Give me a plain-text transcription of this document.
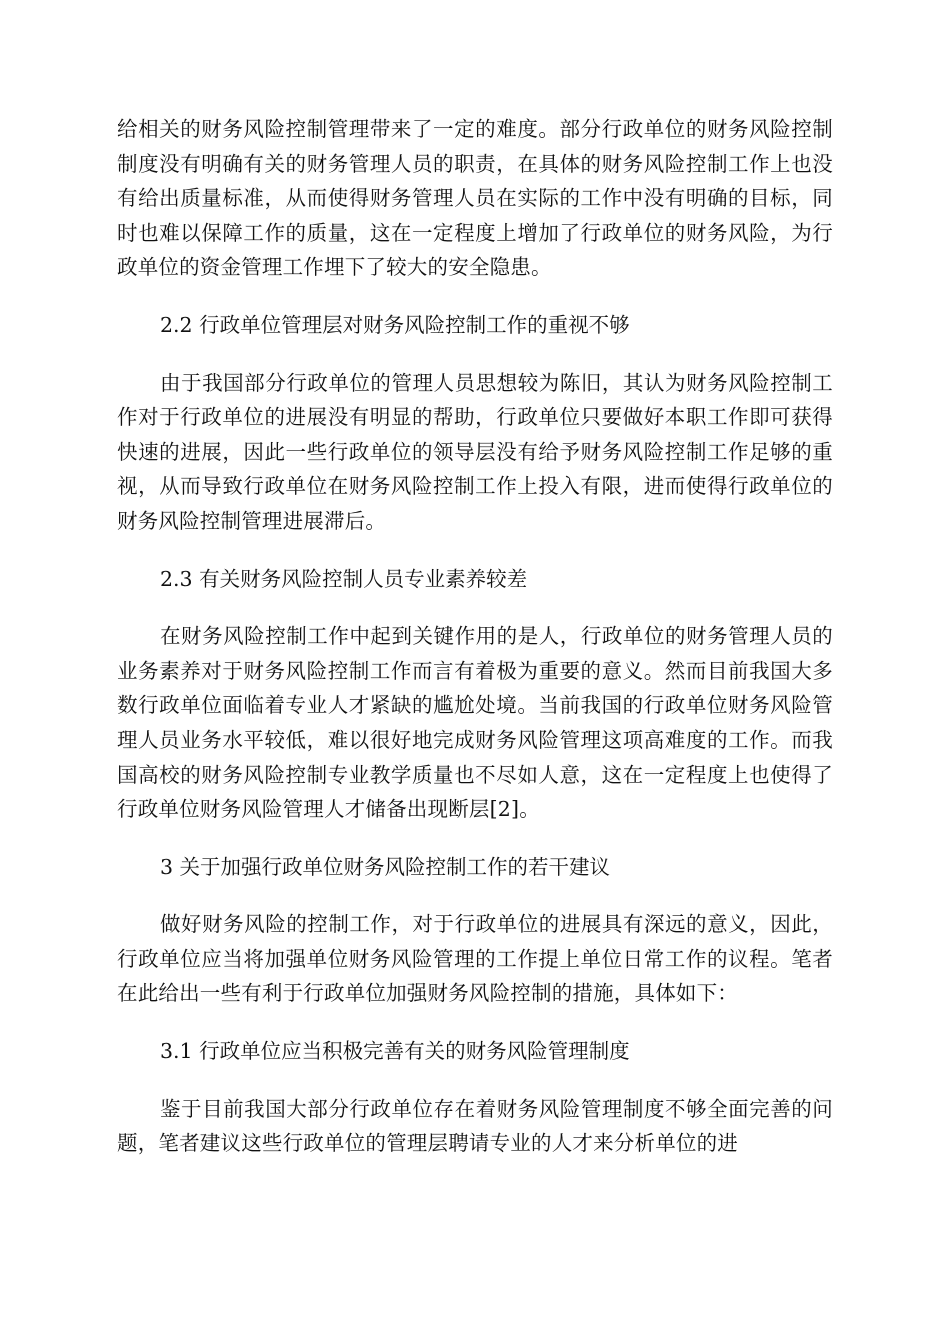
给相关的财务风险控制管理带来了一定的难度。部分行政单位的财务风险控制制度没有明确有关的财务管理人员的职责，在具体的财务风险控制工作上也没有给出质量标准，从而使得财务管理人员在实际的工作中没有明确的目标，同时也难以保障工作的质量，这在一定程度上增加了行政单位的财务风险，为行政单位的资金管理工作埋下了较大的安全隐患。

2.2 行政单位管理层对财务风险控制工作的重视不够

由于我国部分行政单位的管理人员思想较为陈旧，其认为财务风险控制工作对于行政单位的进展没有明显的帮助，行政单位只要做好本职工作即可获得快速的进展，因此一些行政单位的领导层没有给予财务风险控制工作足够的重视，从而导致行政单位在财务风险控制工作上投入有限，进而使得行政单位的财务风险控制管理进展滞后。

2.3 有关财务风险控制人员专业素养较差

在财务风险控制工作中起到关键作用的是人，行政单位的财务管理人员的业务素养对于财务风险控制工作而言有着极为重要的意义。然而目前我国大多数行政单位面临着专业人才紧缺的尴尬处境。当前我国的行政单位财务风险管理人员业务水平较低，难以很好地完成财务风险管理这项高难度的工作。而我国高校的财务风险控制专业教学质量也不尽如人意，这在一定程度上也使得了行政单位财务风险管理人才储备出现断层[2]。

3 关于加强行政单位财务风险控制工作的若干建议

做好财务风险的控制工作，对于行政单位的进展具有深远的意义，因此，行政单位应当将加强单位财务风险管理的工作提上单位日常工作的议程。笔者在此给出一些有利于行政单位加强财务风险控制的措施，具体如下：

3.1 行政单位应当积极完善有关的财务风险管理制度

鉴于目前我国大部分行政单位存在着财务风险管理制度不够全面完善的问题，笔者建议这些行政单位的管理层聘请专业的人才来分析单位的进
